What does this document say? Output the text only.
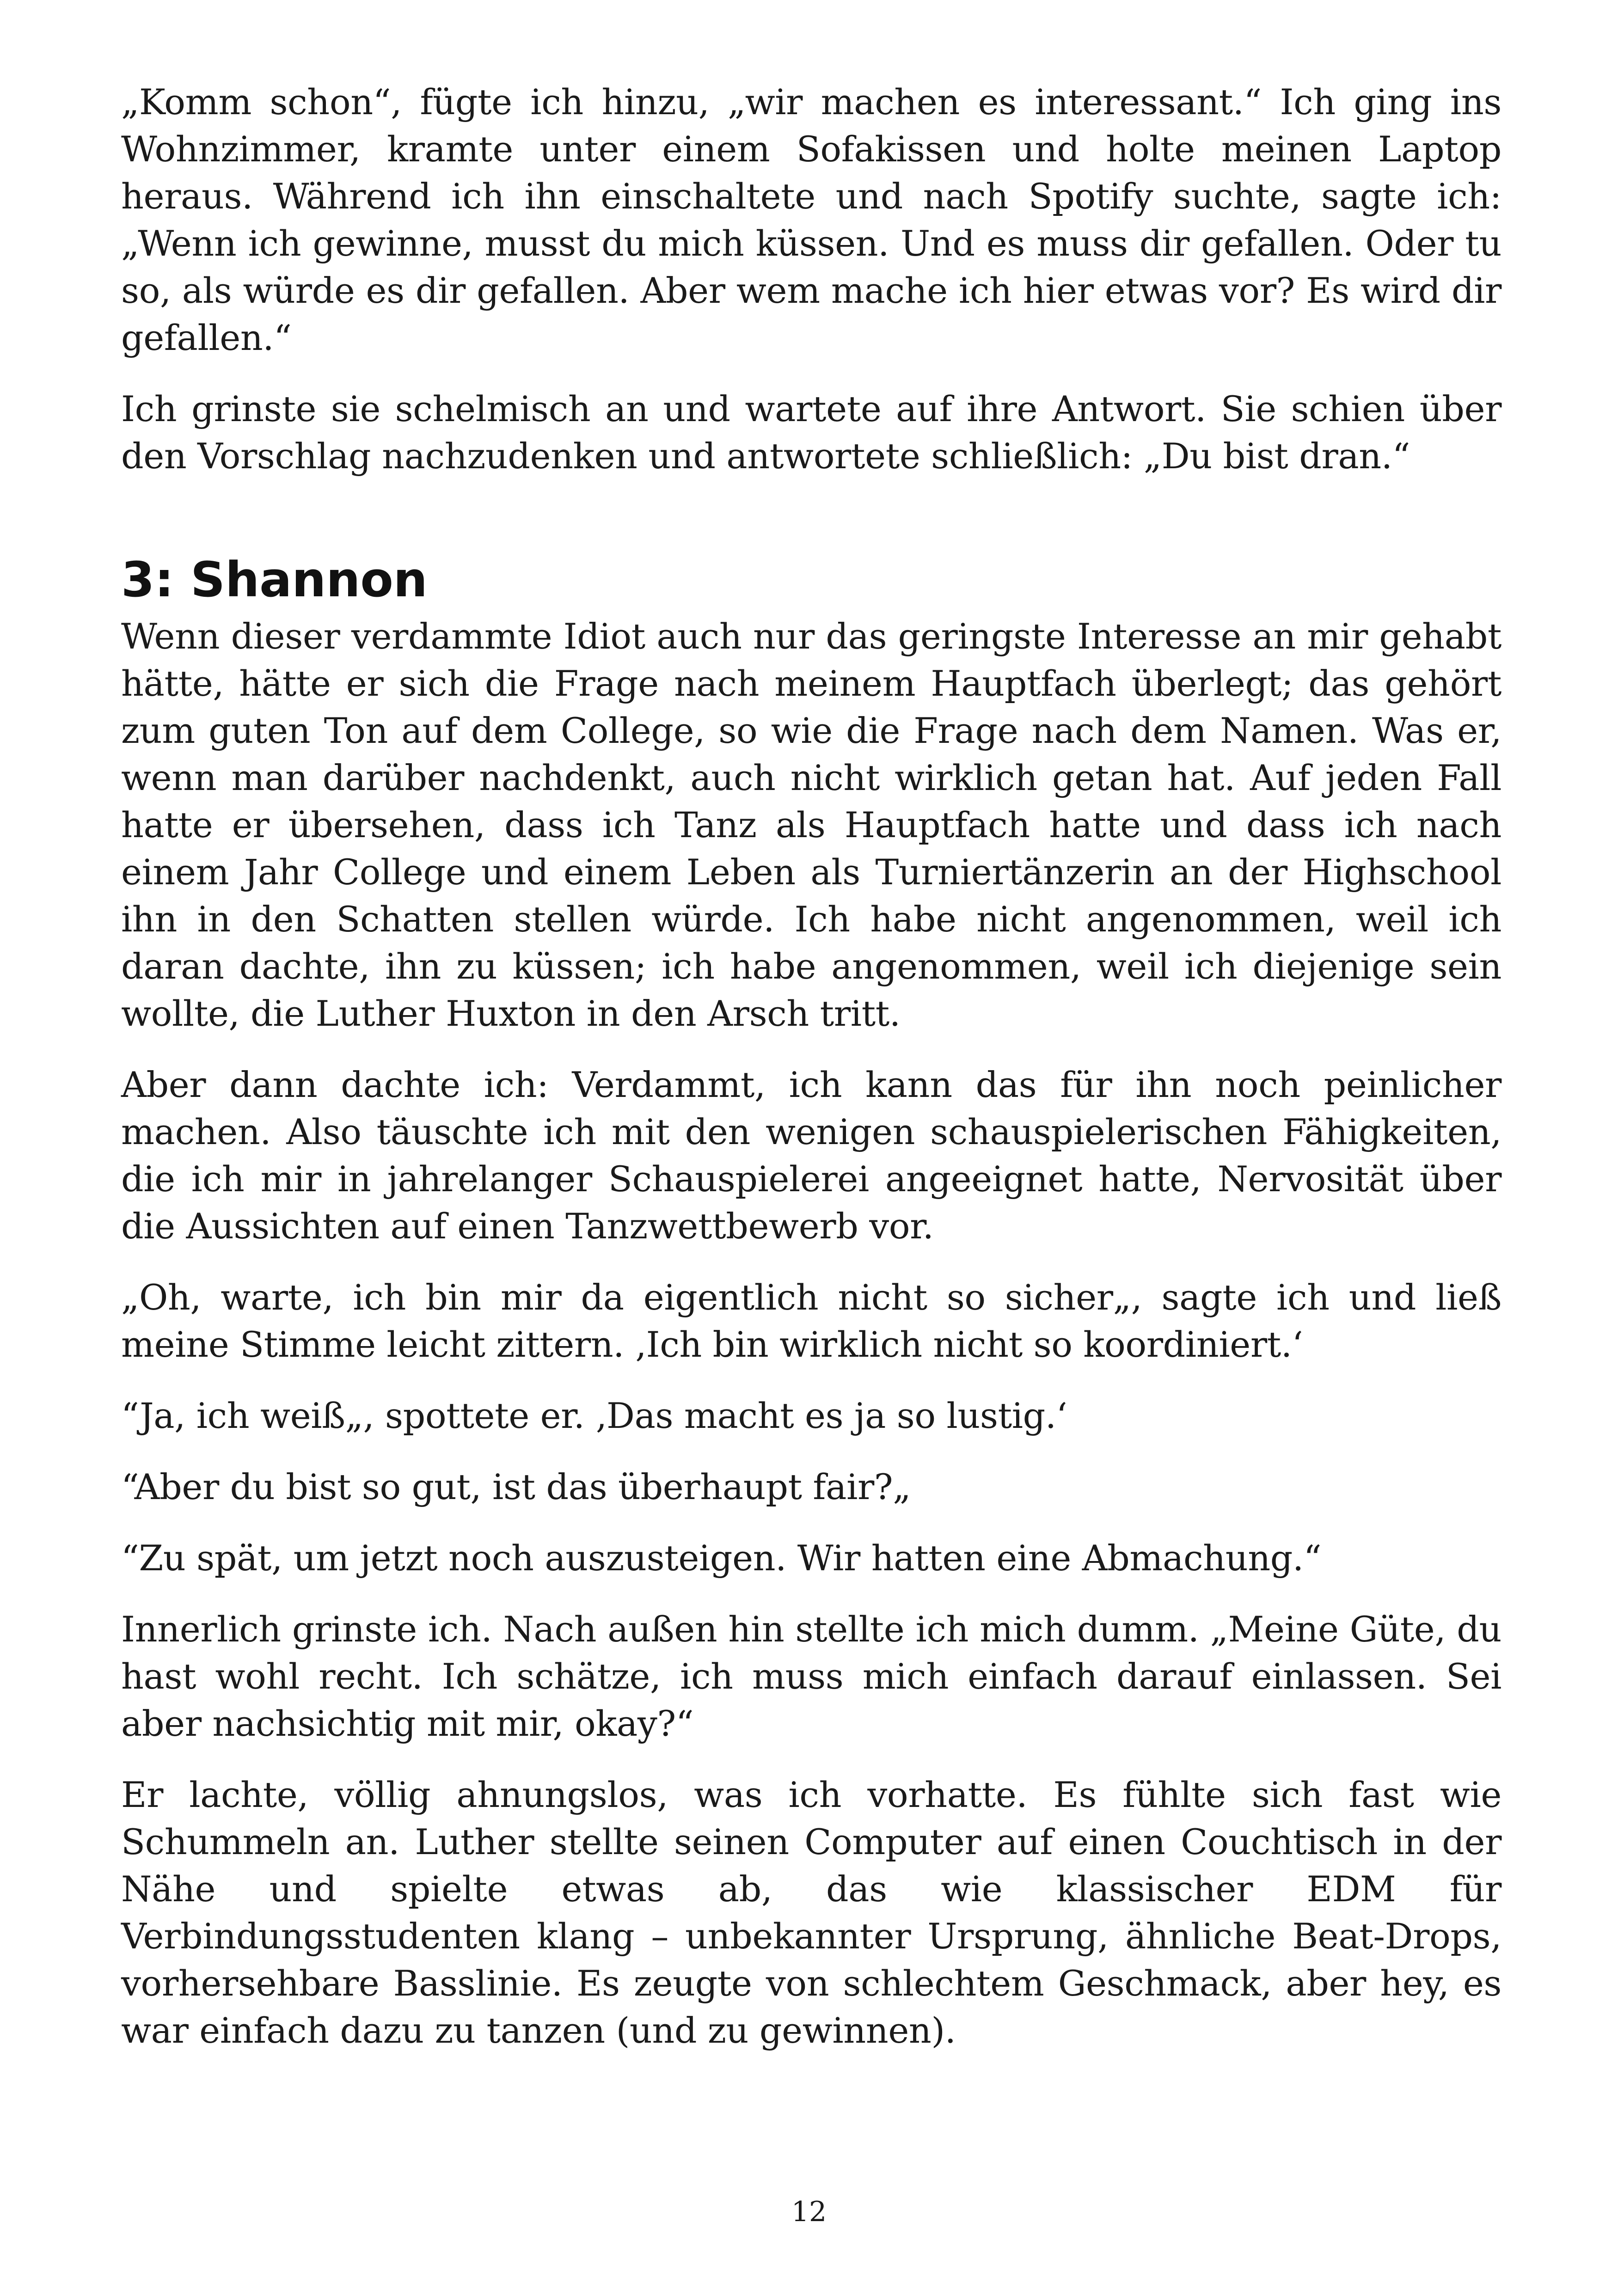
„Komm schon“, fügte ich hinzu, „wir machen es interessant.“ Ich ging ins Wohnzimmer, kramte unter einem Sofakissen und holte meinen Laptop heraus. Während ich ihn einschaltete und nach Spotify suchte, sagte ich: „Wenn ich gewinne, musst du mich küssen. Und es muss dir gefallen. Oder tu so, als würde es dir gefallen. Aber wem mache ich hier etwas vor? Es wird dir gefallen.“

Ich grinste sie schelmisch an und wartete auf ihre Antwort. Sie schien über den Vorschlag nachzudenken und antwortete schließlich: „Du bist dran.“

3: Shannon

Wenn dieser verdammte Idiot auch nur das geringste Interesse an mir gehabt hätte, hätte er sich die Frage nach meinem Hauptfach überlegt; das gehört zum guten Ton auf dem College, so wie die Frage nach dem Namen. Was er, wenn man darüber nachdenkt, auch nicht wirklich getan hat. Auf jeden Fall hatte er übersehen, dass ich Tanz als Hauptfach hatte und dass ich nach einem Jahr College und einem Leben als Turniertänzerin an der Highschool ihn in den Schatten stellen würde. Ich habe nicht angenommen, weil ich daran dachte, ihn zu küssen; ich habe angenommen, weil ich diejenige sein wollte, die Luther Huxton in den Arsch tritt.

Aber dann dachte ich: Verdammt, ich kann das für ihn noch peinlicher machen. Also täuschte ich mit den wenigen schauspielerischen Fähigkeiten, die ich mir in jahrelanger Schauspielerei angeeignet hatte, Nervosität über die Aussichten auf einen Tanzwettbewerb vor.

„Oh, warte, ich bin mir da eigentlich nicht so sicher„, sagte ich und ließ meine Stimme leicht zittern. ‚Ich bin wirklich nicht so koordiniert.‘

“Ja, ich weiß„, spottete er. ‚Das macht es ja so lustig.‘

“Aber du bist so gut, ist das überhaupt fair?„

“Zu spät, um jetzt noch auszusteigen. Wir hatten eine Abmachung.“

Innerlich grinste ich. Nach außen hin stellte ich mich dumm. „Meine Güte, du hast wohl recht. Ich schätze, ich muss mich einfach darauf einlassen. Sei aber nachsichtig mit mir, okay?“

Er lachte, völlig ahnungslos, was ich vorhatte. Es fühlte sich fast wie Schummeln an. Luther stellte seinen Computer auf einen Couchtisch in der Nähe und spielte etwas ab, das wie klassischer EDM für Verbindungsstudenten klang – unbekannter Ursprung, ähnliche Beat-Drops, vorhersehbare Basslinie. Es zeugte von schlechtem Geschmack, aber hey, es war einfach dazu zu tanzen (und zu gewinnen).

12
